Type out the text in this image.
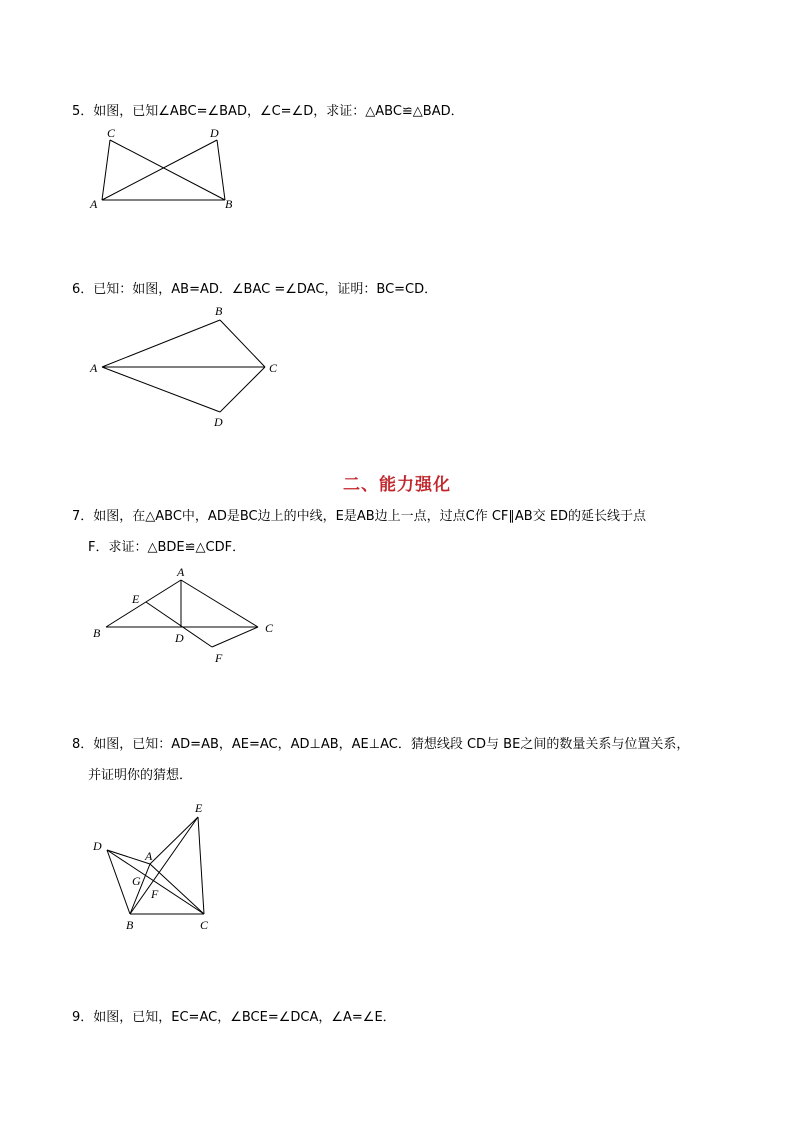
5．如图，已知∠ABC=∠BAD，∠C=∠D，求证：△ABC≌△BAD．
C	D
A	B
6．已知：如图，AB=AD．∠BAC =∠DAC，证明：BC=CD．
B
A	C
D
二、能力强化
7．如图，在△ABC中，AD是BC边上的中线，E是AB边上一点，过点C作 CF∥AB交 ED的延长线于点
F．求证：△BDE≌△CDF．
A
E
B	D
C
F
8．如图，已知：AD=AB，AE=AC，AD⊥AB，AE⊥AC．猜想线段 CD与 BE之间的数量关系与位置关系，
并证明你的猜想．
E
D
A
G
F
B	C
9．如图，已知，EC=AC，∠BCE=∠DCA，∠A=∠E．
